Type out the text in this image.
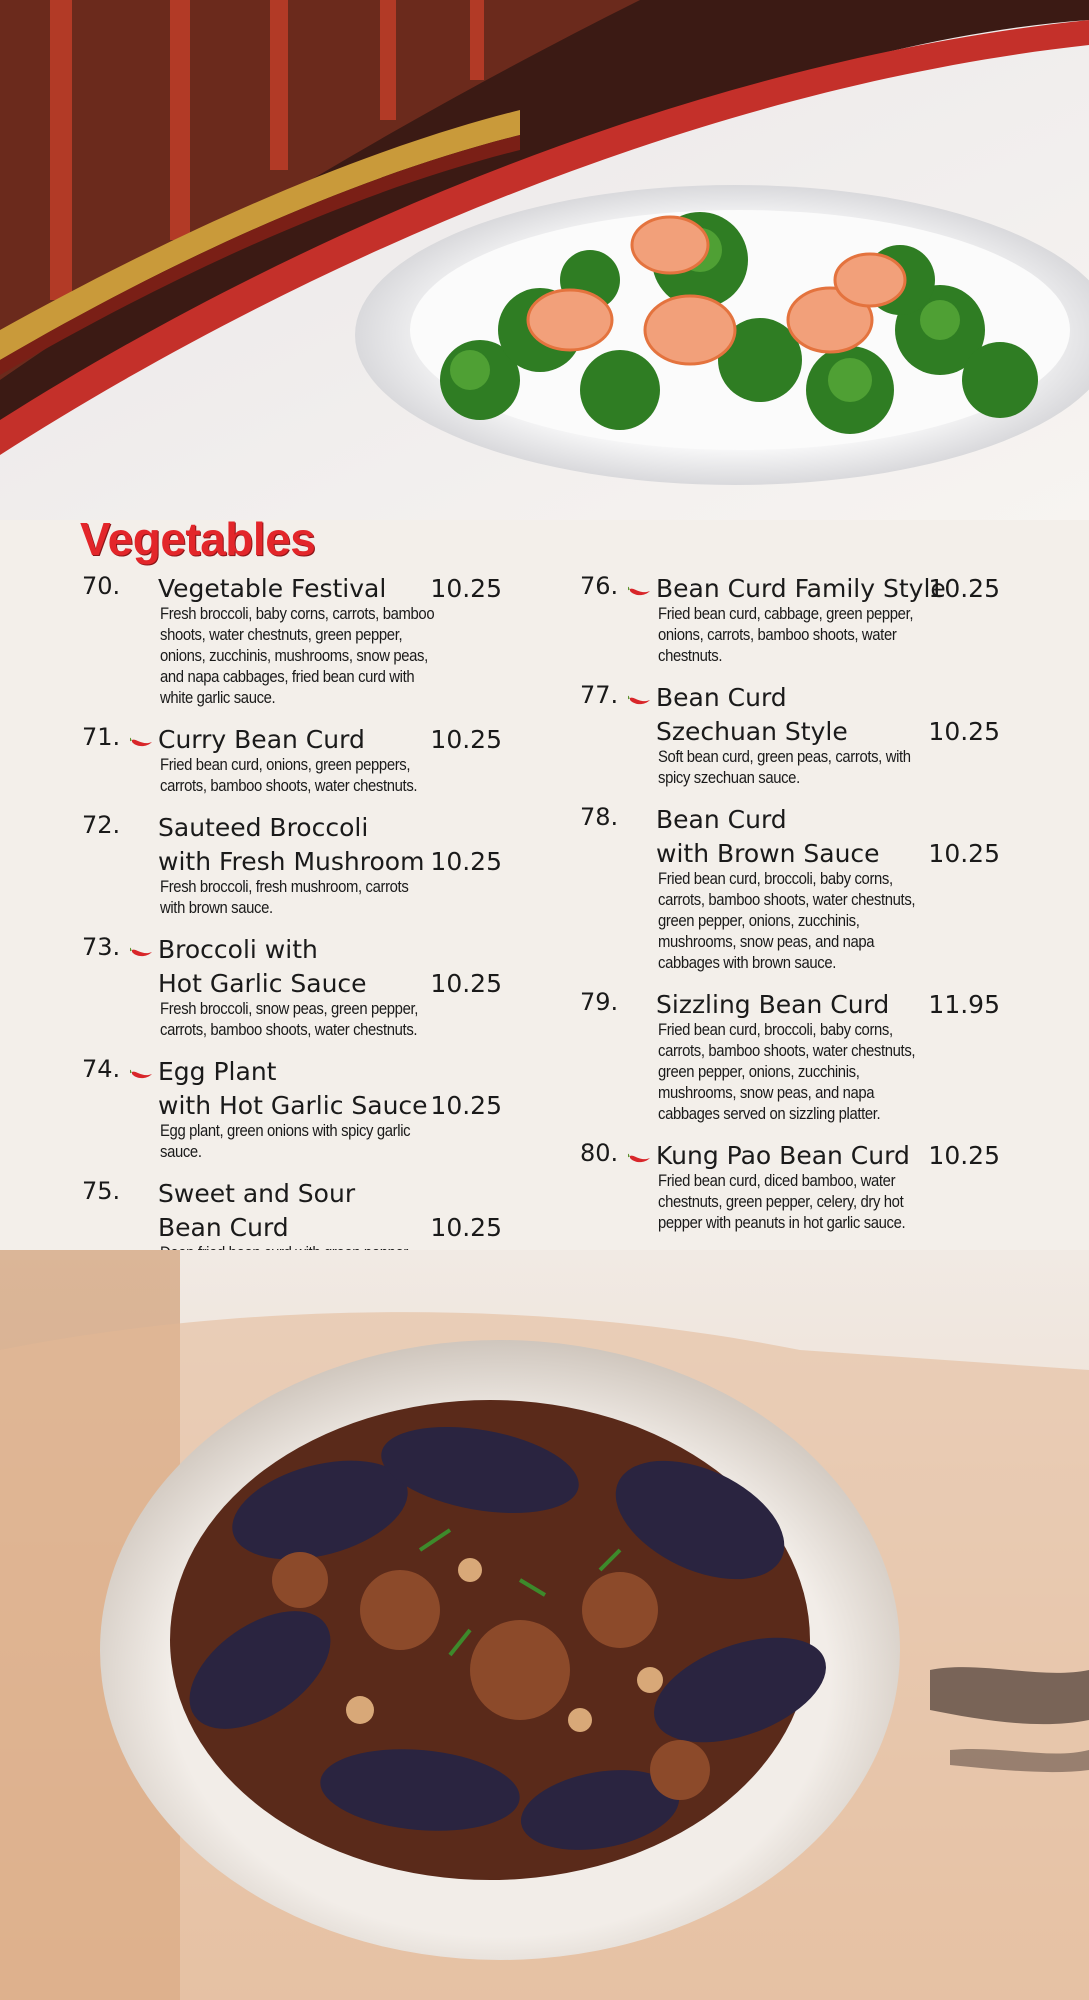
Vegetables
70. Vegetable Festival	10.25
Fresh broccoli, baby corns, carrots, bamboo shoots, water chestnuts, green pepper, onions, zucchinis, mushrooms, snow peas, and napa cabbages, fried bean curd with white garlic sauce.
71. Curry Bean Curd	10.25
Fried bean curd, onions, green peppers, carrots, bamboo shoots, water chestnuts.
72. Sauteed Broccoli
with Fresh Mushroom 10.25
Fresh broccoli, fresh mushroom, carrots with brown sauce.
73. Broccoli with
Hot Garlic Sauce	10.25
Fresh broccoli, snow peas, green pepper, carrots, bamboo shoots, water chestnuts.
74. Egg Plant
with Hot Garlic Sauce 10.25
Egg plant, green onions with spicy garlic sauce.
75. Sweet and Sour
Bean Curd	10.25
76. Bean Curd Family Style
10.25
Fried bean curd, cabbage, green pepper, onions, carrots, bamboo shoots, water chestnuts.
77. Bean Curd
Szechuan Style	10.25
Soft bean curd, green peas, carrots, with spicy szechuan sauce.
78. Bean Curd
with Brown Sauce	10.25
Fried bean curd, broccoli, baby corns, carrots, bamboo shoots, water chestnuts, green pepper, onions, zucchinis, mushrooms, snow peas, and napa cabbages with brown sauce.
79. Sizzling Bean Curd	11.95
Fried bean curd, broccoli, baby corns, carrots, bamboo shoots, water chestnuts, green pepper, onions, zucchinis, mushrooms, snow peas, and napa cabbages served on sizzling platter.
80. Kung Pao Bean Curd 10.25
Fried bean curd, diced bamboo, water chestnuts, green pepper, celery, dry hot pepper with peanuts in hot garlic sauce.
